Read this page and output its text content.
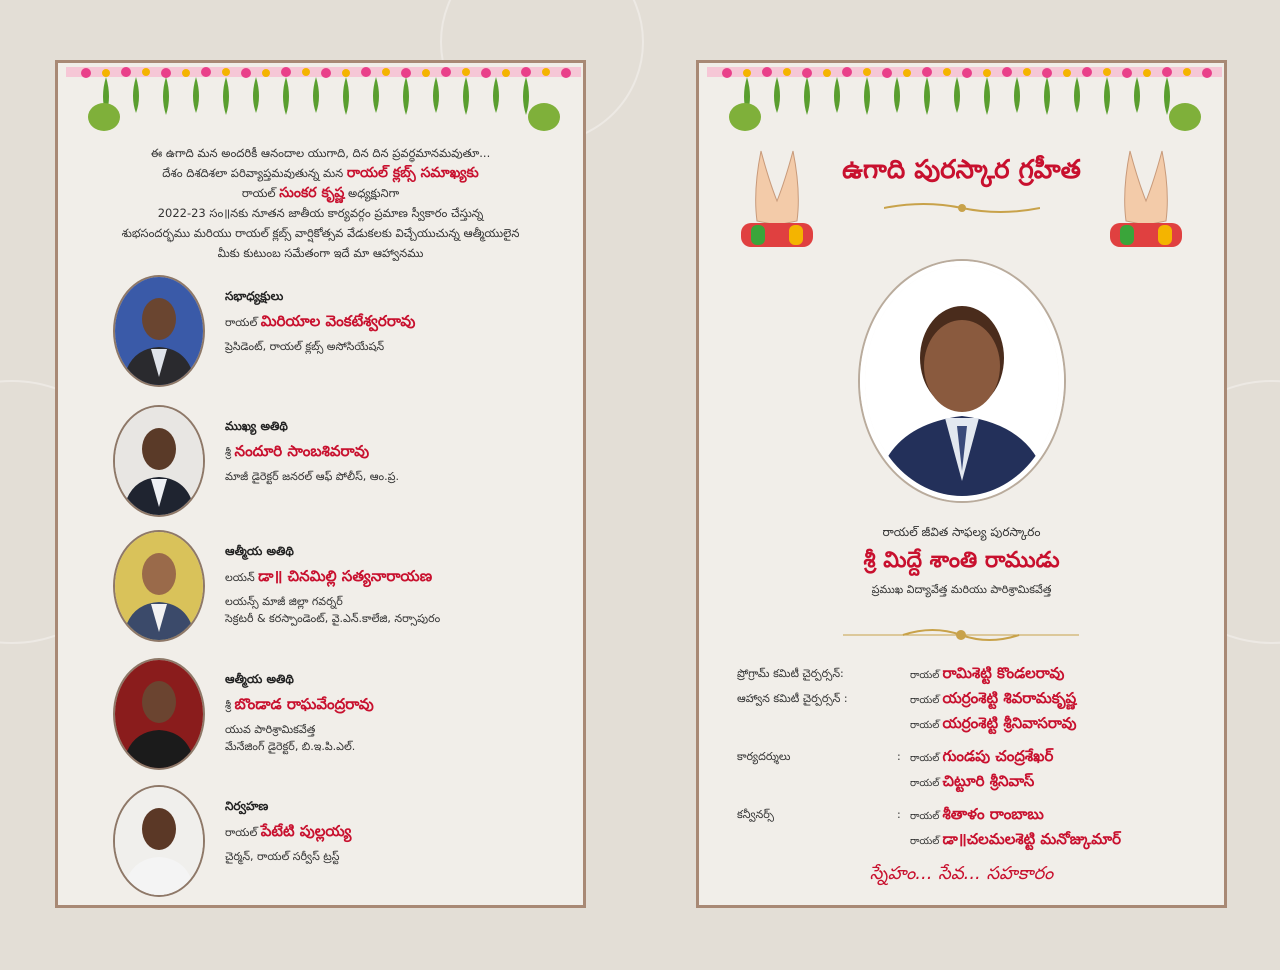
ఈ ఉగాది మన అందరికీ ఆనందాల యుగాది, దిన దిన ప్రవర్ధమానమవుతూ...
దేశం దిశదిశలా పరివ్యాప్తమవుతున్న మన రాయల్ క్లబ్స్ సమాఖ్యకు
రాయల్ సుంకర కృష్ణ అధ్యక్షునిగా
2022-23 సం॥నకు నూతన జాతీయ కార్యవర్గం ప్రమాణ స్వీకారం చేస్తున్న
శుభసందర్భము మరియు రాయల్ క్లబ్స్ వార్షికోత్సవ వేడుకలకు విచ్చేయుచున్న ఆత్మీయులైన
మీకు కుటుంబ సమేతంగా ఇదే మా ఆహ్వానము
సభాధ్యక్షులు
రాయల్ మిరియాల వెంకటేశ్వరరావు
ప్రెసిడెంట్, రాయల్ క్లబ్స్ అసోసియేషన్
ముఖ్య అతిథి
శ్రీ నందూరి సాంబశివరావు
మాజీ డైరెక్టర్ జనరల్ ఆఫ్ పోలీస్, ఆం.ప్ర.
ఆత్మీయ అతిథి
లయన్ డా॥ చినమిల్లి సత్యనారాయణ
లయన్స్ మాజీ జిల్లా గవర్నర్
సెక్రటరీ & కరస్పాండెంట్, వై.ఎన్.కాలేజి, నర్సాపురం
ఆత్మీయ అతిథి
శ్రీ బొండాడ రాఘవేంద్రరావు
యువ పారిశ్రామికవేత్త
మేనేజింగ్ డైరెక్టర్, బి.ఇ.పి.ఎల్.
నిర్వహణ
రాయల్ పేటేటి పుల్లయ్య
చైర్మన్, రాయల్ సర్వీస్ ట్రస్ట్
ఉగాది పురస్కార గ్రహీత
రాయల్ జీవిత సాఫల్య పురస్కారం
శ్రీ మిద్దే శాంతి రాముడు
ప్రముఖ విద్యావేత్త మరియు పారిశ్రామికవేత్త
ప్రోగ్రామ్ కమిటీ చైర్పర్సన్:	రాయల్ రామిశెట్టి కొండలరావు
ఆహ్వాన కమిటీ చైర్పర్సన్ :	రాయల్ యర్రంశెట్టి శివరామకృష్ణ
రాయల్ యర్రంశెట్టి శ్రీనివాసరావు
కార్యదర్శులు	: రాయల్ గుండపు చంద్రశేఖర్
రాయల్ చిట్టూరి శ్రీనివాస్
కన్వీనర్స్	: రాయల్ శీతాళం రాంబాబు
రాయల్ డా॥చలమలశెట్టి మనోజ్కుమార్
స్నేహం... సేవ... సహకారం
